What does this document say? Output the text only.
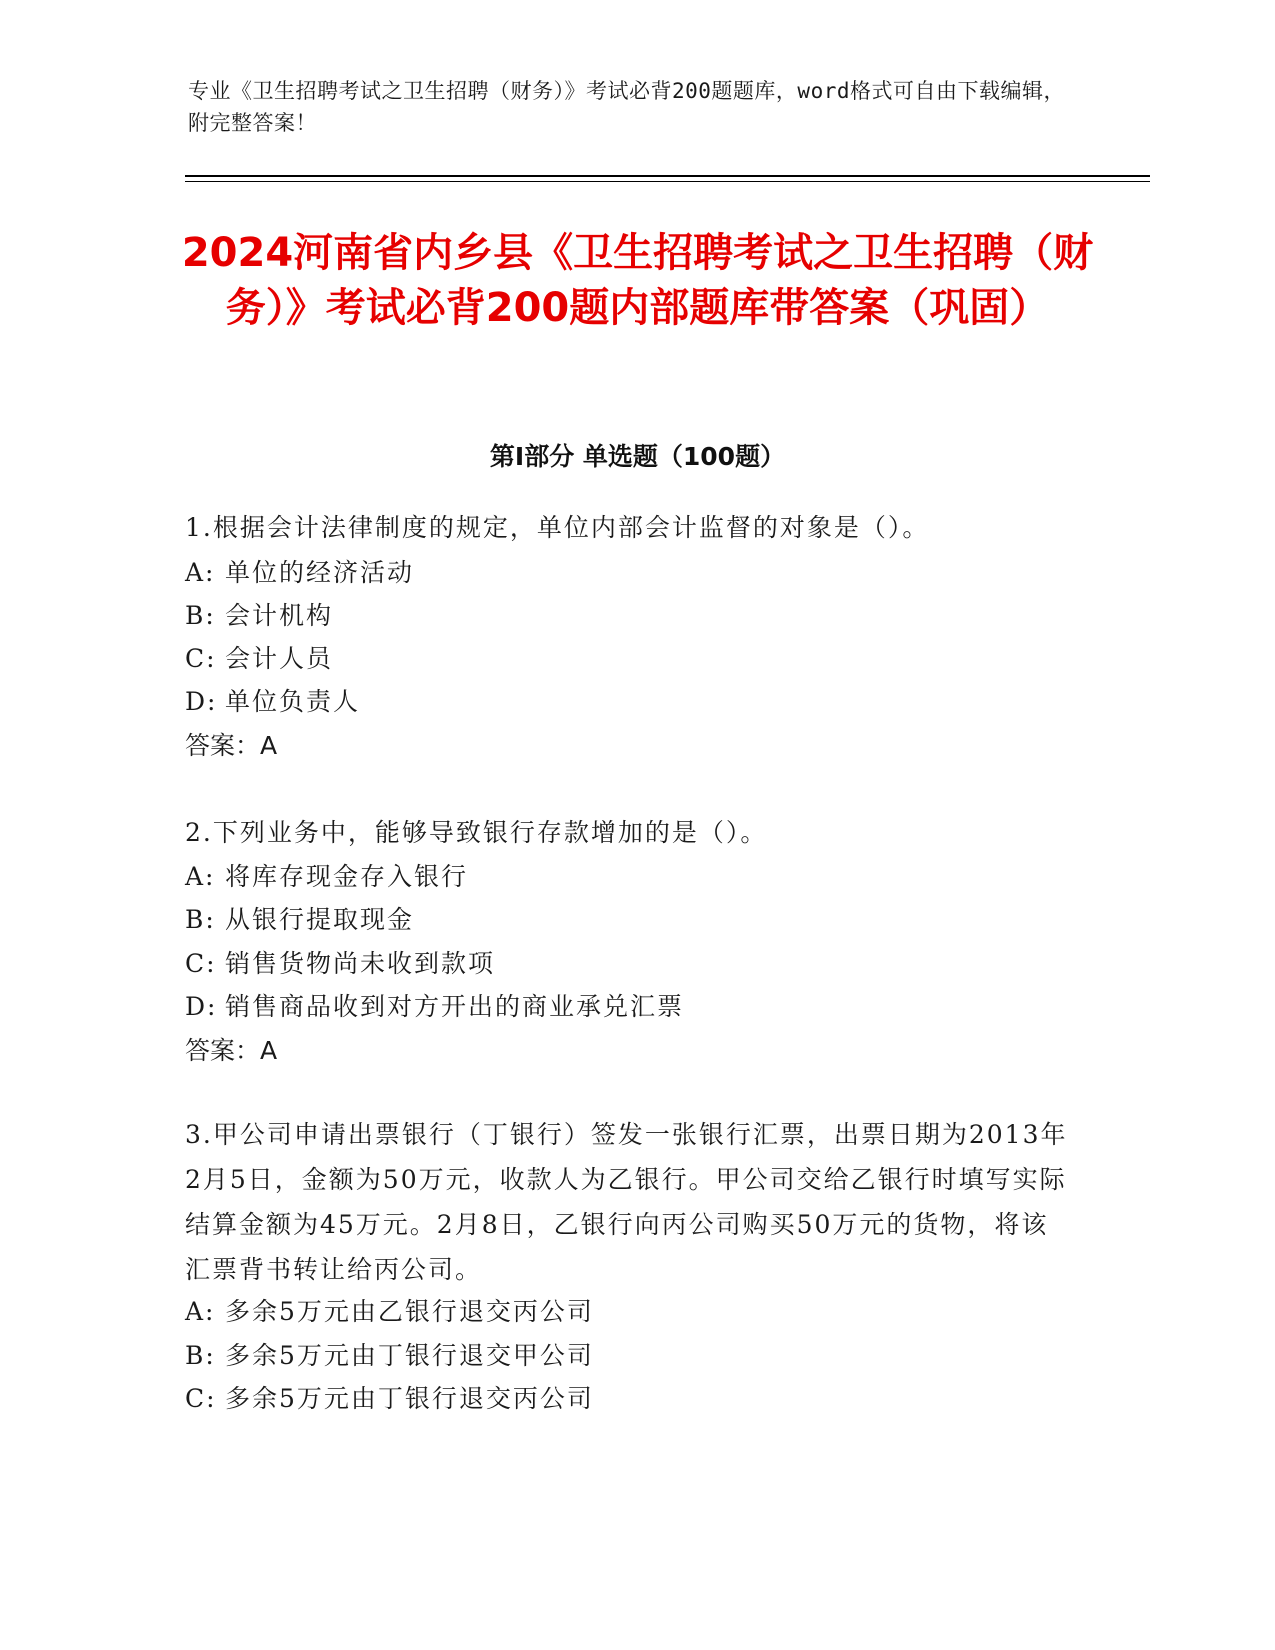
专业《卫生招聘考试之卫生招聘（财务）》考试必背200题题库，word格式可自由下载编辑，附完整答案！
2024河南省内乡县《卫生招聘考试之卫生招聘（财务）》考试必背200题内部题库带答案（巩固）
第I部分 单选题（100题）

1.根据会计法律制度的规定，单位内部会计监督的对象是（）。

A: 单位的经济活动

B: 会计机构

C: 会计人员

D: 单位负责人

答案：A

2.下列业务中，能够导致银行存款增加的是（）。

A: 将库存现金存入银行

B: 从银行提取现金

C: 销售货物尚未收到款项

D: 销售商品收到对方开出的商业承兑汇票

答案：A

3.甲公司申请出票银行（丁银行）签发一张银行汇票，出票日期为2013年2月5日，金额为50万元，收款人为乙银行。甲公司交给乙银行时填写实际结算金额为45万元。2月8日，乙银行向丙公司购买50万元的货物，将该汇票背书转让给丙公司。

A: 多余5万元由乙银行退交丙公司

B: 多余5万元由丁银行退交甲公司

C: 多余5万元由丁银行退交丙公司
